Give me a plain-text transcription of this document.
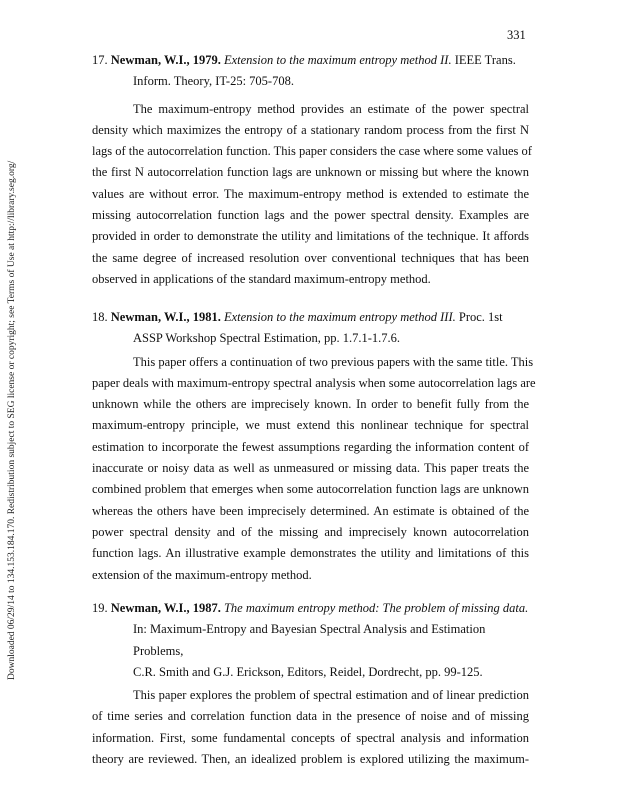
Downloaded 06/29/14 to 134.153.184.170. Redistribution subject to SEG license or copyright; see Terms of Use at http://library.seg.org/
331

17. Newman, W.I., 1979. Extension to the maximum entropy method II. IEEE Trans.

Inform. Theory, IT-25: 705-708.

The maximum-entropy method provides an estimate of the power spectral
density which maximizes the entropy of a stationary random process from the first N
lags of the autocorrelation function. This paper considers the case where some values of
the first N autocorrelation function lags are unknown or missing but where the known
values are without error. The maximum-entropy method is extended to estimate the
missing autocorrelation function lags and the power spectral density. Examples are
provided in order to demonstrate the utility and limitations of the technique. It affords
the same degree of increased resolution over conventional techniques that has been
observed in applications of the standard maximum-entropy method.

18. Newman, W.I., 1981. Extension to the maximum entropy method III. Proc. 1st

ASSP Workshop Spectral Estimation, pp. 1.7.1-1.7.6.

This paper offers a continuation of two previous papers with the same title. This
paper deals with maximum-entropy spectral analysis when some autocorrelation lags are
unknown while the others are imprecisely known. In order to benefit fully from the
maximum-entropy principle, we must extend this nonlinear technique for spectral
estimation to incorporate the fewest assumptions regarding the information content of
inaccurate or noisy data as well as unmeasured or missing data. This paper treats the
combined problem that emerges when some autocorrelation function lags are unknown
whereas the others have been imprecisely determined. An estimate is obtained of the
power spectral density and of the missing and imprecisely known autocorrelation
function lags. An illustrative example demonstrates the utility and limitations of this
extension of the maximum-entropy method.

19. Newman, W.I., 1987. The maximum entropy method: The problem of missing data.

In: Maximum-Entropy and Bayesian Spectral Analysis and Estimation Problems,

C.R. Smith and G.J. Erickson, Editors, Reidel, Dordrecht, pp. 99-125.

This paper explores the problem of spectral estimation and of linear prediction
of time series and correlation function data in the presence of noise and of missing
information. First, some fundamental concepts of spectral analysis and information
theory are reviewed. Then, an idealized problem is explored utilizing the maximum-
